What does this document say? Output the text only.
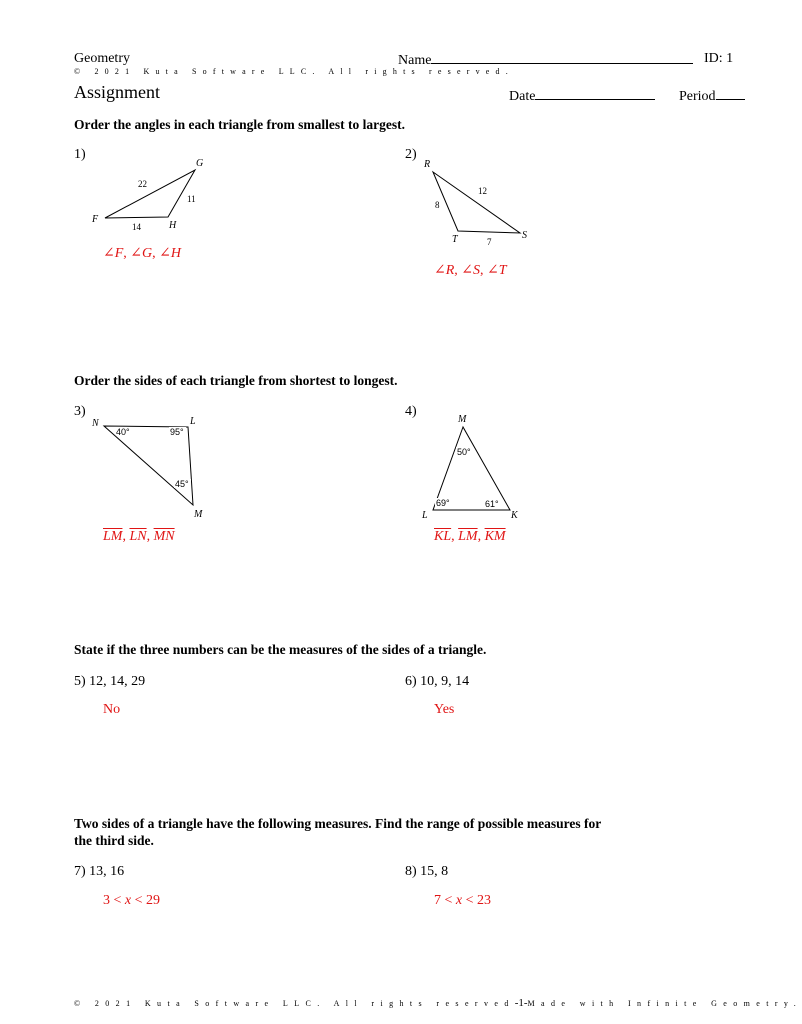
Geometry	Name	ID: 1
© 2021 Kuta Software LLC. All rights reserved.
Assignment	Date	Period
Order the angles in each triangle from smallest to largest.
1)
F
G
H
22
11
14
∠F, ∠G, ∠H
2)
R
S
T
12
8
7
∠R, ∠S, ∠T
Order the sides of each triangle from shortest to longest.
3)
N	L
M
40°	95°
45°
$\overline{LM}$, $\overline{LN}$, $\overline{MN}$
4)
M
L	K
50°
69°	61°
$\overline{KL}$, $\overline{LM}$, $\overline{KM}$
State if the three numbers can be the measures of the sides of a triangle.
5) 12, 14, 29
No
6) 10, 9, 14
Yes
Two sides of a triangle have the following measures. Find the range of possible measures for
the third side.
7) 13, 16
3 < x < 29
8) 15, 8
7 < x < 23
© 2021 Kuta Software LLC. All rights reserved-1-Made with Infinite Geometry.
